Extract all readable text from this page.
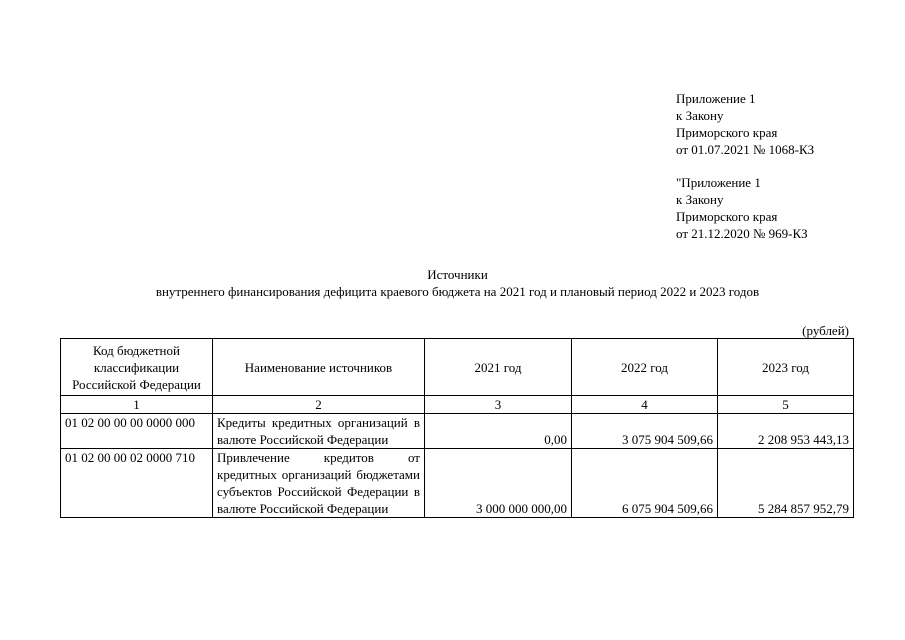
Приложение 1
к Закону
Приморского края
от 01.07.2021 № 1068-КЗ
"Приложение 1
к Закону
Приморского края
от 21.12.2020 № 969-КЗ
Источники
внутреннего финансирования дефицита краевого бюджета на 2021 год и плановый период 2022 и 2023 годов
(рублей)
Код бюджетной классификации Российской Федерации	Наименование источников	2021 год	2022 год	2023 год
1	2	3	4	5
01 02 00 00 00 0000 000	Кредиты кредитных организаций в валюте Российской Федерации	0,00	3 075 904 509,66	2 208 953 443,13
01 02 00 00 02 0000 710	Привлечение кредитов от кредитных организаций бюджетами субъектов Российской Федерации в валюте Российской Федерации	3 000 000 000,00	6 075 904 509,66	5 284 857 952,79
